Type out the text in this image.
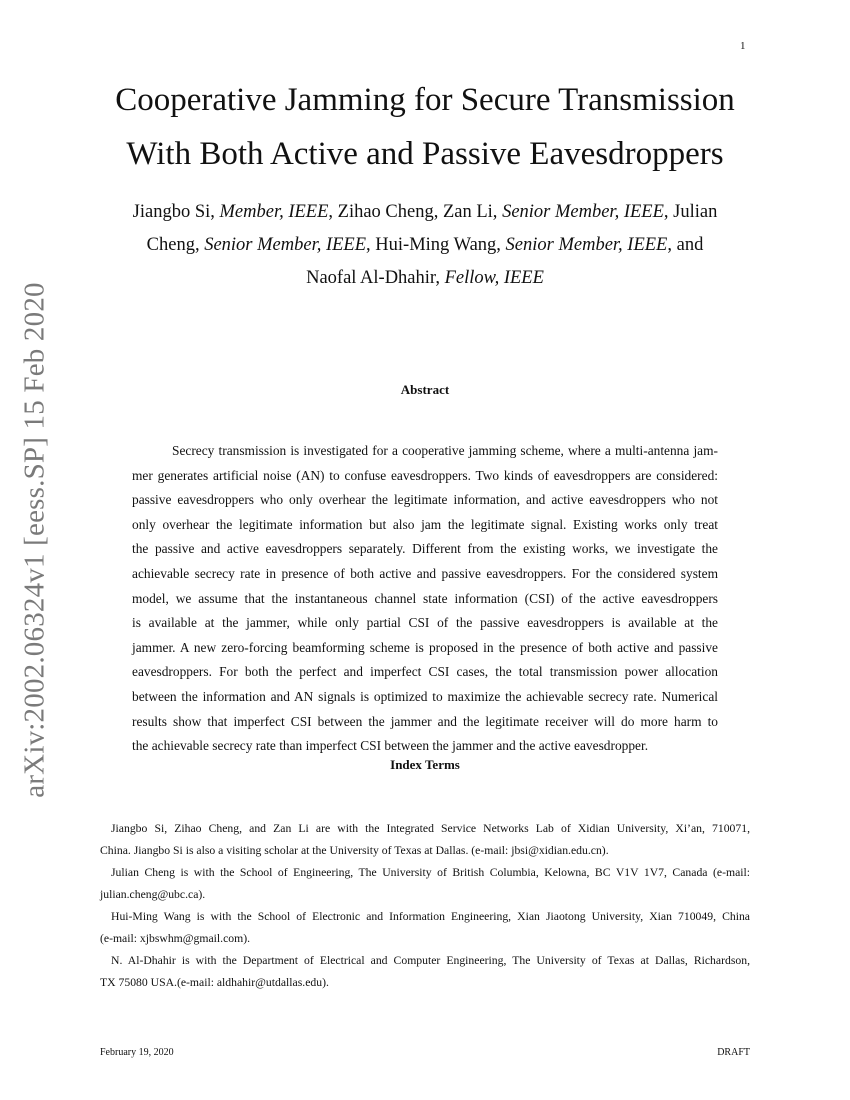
1
arXiv:2002.06324v1 [eess.SP] 15 Feb 2020
Cooperative Jamming for Secure Transmission
With Both Active and Passive Eavesdroppers
Jiangbo Si, Member, IEEE, Zihao Cheng, Zan Li, Senior Member, IEEE, Julian
Cheng, Senior Member, IEEE, Hui-Ming Wang, Senior Member, IEEE, and
Naofal Al-Dhahir, Fellow, IEEE
Abstract
Secrecy transmission is investigated for a cooperative jamming scheme, where a multi-antenna jam-
mer generates artificial noise (AN) to confuse eavesdroppers. Two kinds of eavesdroppers are considered:
passive eavesdroppers who only overhear the legitimate information, and active eavesdroppers who not
only overhear the legitimate information but also jam the legitimate signal. Existing works only treat
the passive and active eavesdroppers separately. Different from the existing works, we investigate the
achievable secrecy rate in presence of both active and passive eavesdroppers. For the considered system
model, we assume that the instantaneous channel state information (CSI) of the active eavesdroppers
is available at the jammer, while only partial CSI of the passive eavesdroppers is available at the
jammer. A new zero-forcing beamforming scheme is proposed in the presence of both active and passive
eavesdroppers. For both the perfect and imperfect CSI cases, the total transmission power allocation
between the information and AN signals is optimized to maximize the achievable secrecy rate. Numerical
results show that imperfect CSI between the jammer and the legitimate receiver will do more harm to
the achievable secrecy rate than imperfect CSI between the jammer and the active eavesdropper.
Index Terms
Jiangbo Si, Zihao Cheng, and Zan Li are with the Integrated Service Networks Lab of Xidian University, Xi’an, 710071,
China. Jiangbo Si is also a visiting scholar at the University of Texas at Dallas. (e-mail: jbsi@xidian.edu.cn).
Julian Cheng is with the School of Engineering, The University of British Columbia, Kelowna, BC V1V 1V7, Canada (e-mail:
julian.cheng@ubc.ca).
Hui-Ming Wang is with the School of Electronic and Information Engineering, Xian Jiaotong University, Xian 710049, China
(e-mail: xjbswhm@gmail.com).
N. Al-Dhahir is with the Department of Electrical and Computer Engineering, The University of Texas at Dallas, Richardson,
TX 75080 USA.(e-mail: aldhahir@utdallas.edu).
February 19, 2020	DRAFT
